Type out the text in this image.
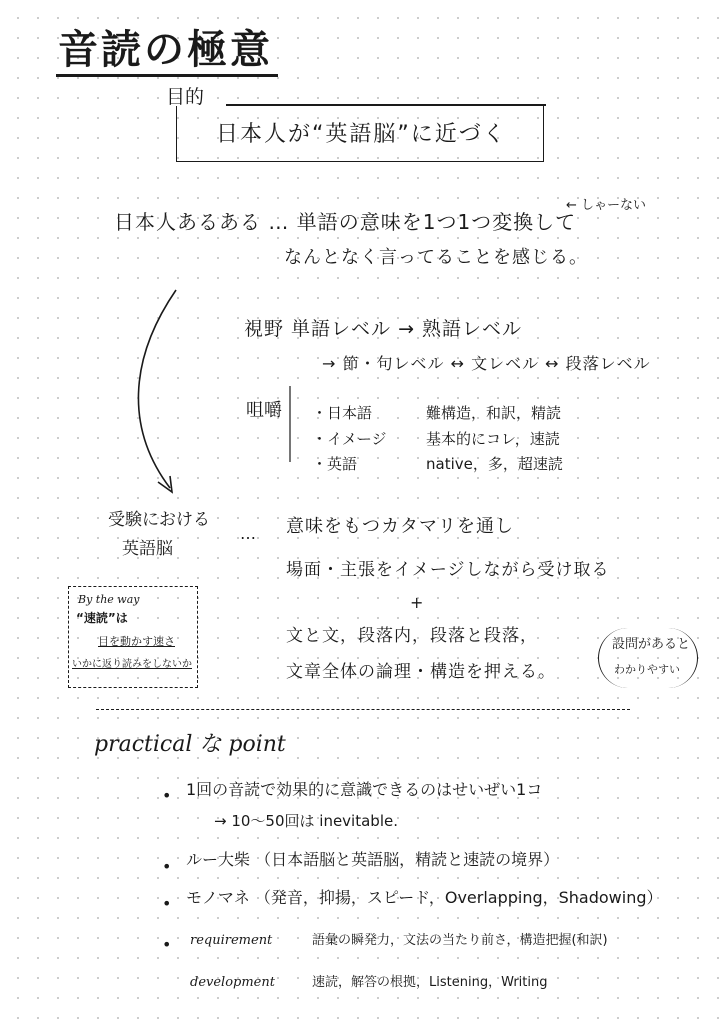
音読の極意
目的
日本人が“英語脳”に近づく
日本人あるある … 単語の意味を1つ1つ変換して
なんとなく言ってることを感じる。
← しゃーない
視野 単語レベル → 熟語レベル
→ 節・句レベル ↔ 文レベル ↔ 段落レベル
咀嚼 ・日本語	難構造，和訳，精読
・イメージ	基本的にコレ，速読
・英語	native，多，超速読
受験における
英語脳
… 意味をもつカタマリを通し
場面・主張をイメージしながら受け取る
+
文と文，段落内，段落と段落，
文章全体の論理・構造を押える。
設問があると
わかりやすい
By the way
“速読”は
目を動かす速さ
いかに返り読みをしないか
practical な point
• 1回の音読で効果的に意識できるのはせいぜい1コ
→ 10～50回は inevitable.
• ルー大柴 （日本語脳と英語脳，精読と速読の境界）
• モノマネ （発音，抑揚，スピード，Overlapping，Shadowing）
• requirement	語彙の瞬発力，文法の当たり前さ，構造把握(和訳)
development	速読，解答の根拠，Listening，Writing
